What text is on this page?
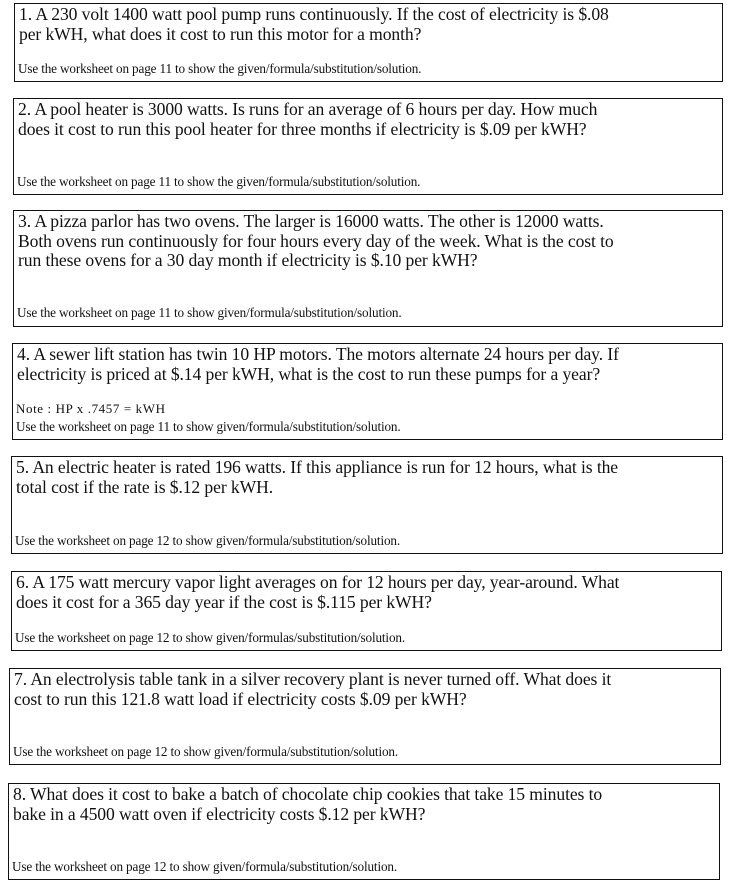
1. A 230 volt 1400 watt pool pump runs continuously. If the cost of electricity is $.08
per kWH, what does it cost to run this motor for a month?
Use the worksheet on page 11 to show the given/formula/substitution/solution.
2. A pool heater is 3000 watts. Is runs for an average of 6 hours per day. How much
does it cost to run this pool heater for three months if electricity is $.09 per kWH?
Use the worksheet on page 11 to show the given/formula/substitution/solution.
3. A pizza parlor has two ovens. The larger is 16000 watts. The other is 12000 watts.
Both ovens run continuously for four hours every day of the week. What is the cost to
run these ovens for a 30 day month if electricity is $.10 per kWH?
Use the worksheet on page 11 to show given/formula/substitution/solution.
4. A sewer lift station has twin 10 HP motors. The motors alternate 24 hours per day. If
electricity is priced at $.14 per kWH, what is the cost to run these pumps for a year?
Note : HP x .7457 = kWH
Use the worksheet on page 11 to show given/formula/substitution/solution.
5. An electric heater is rated 196 watts. If this appliance is run for 12 hours, what is the
total cost if the rate is $.12 per kWH.
Use the worksheet on page 12 to show given/formula/substitution/solution.
6. A 175 watt mercury vapor light averages on for 12 hours per day, year-around. What
does it cost for a 365 day year if the cost is $.115 per kWH?
Use the worksheet on page 12 to show given/formulas/substitution/solution.
7. An electrolysis table tank in a silver recovery plant is never turned off. What does it
cost to run this 121.8 watt load if electricity costs $.09 per kWH?
Use the worksheet on page 12 to show given/formula/substitution/solution.
8. What does it cost to bake a batch of chocolate chip cookies that take 15 minutes to
bake in a 4500 watt oven if electricity costs $.12 per kWH?
Use the worksheet on page 12 to show given/formula/substitution/solution.
